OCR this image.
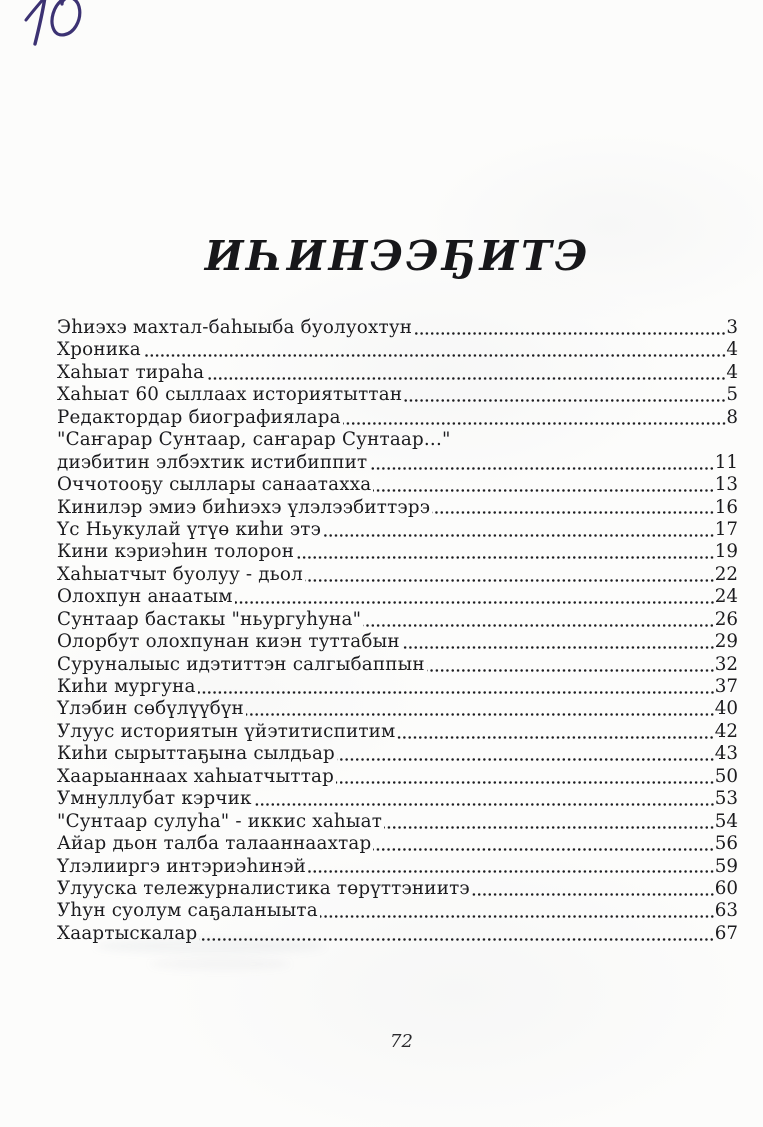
ИҺИНЭЭҔИТЭ
Эһиэхэ махтал-баһыыба буолуохтун	3
Хроника	4
Хаһыат тираһа	4
Хаһыат 60 сыллаах историятыттан	5
Редактордар биографиялара	8
"Саҥарар Сунтаар, саҥарар Сунтаар..."
диэбитин элбэхтик истибиппит	11
Оччотооҕу сыллары санаатахха	13
Кинилэр эмиэ биһиэхэ үлэлээбиттэрэ	16
Үс Ньукулай үтүө киһи этэ	17
Кини кэриэһин толорон	19
Хаһыатчыт буолуу - дьол	22
Олохпун анаатым	24
Сунтаар бастакы "ньургуһуна"	26
Олорбут олохпунан киэн туттабын	29
Суруналыыс идэтиттэн салгыбаппын	32
Киһи мургуна	37
Үлэбин сөбүлүүбүн	40
Улуус историятын үйэтитиспитим	42
Киһи сырыттаҕына сылдьар	43
Хаарыаннаах хаһыатчыттар	50
Умнуллубат кэрчик	53
"Сунтаар сулуһа" - иккис хаһыат	54
Айар дьон талба талааннаахтар	56
Үлэлииргэ интэриэһинэй	59
Улууска тележурналистика төрүттэниитэ	60
Уһун суолум саҕаланыыта	63
Хаартыскалар	67
72
